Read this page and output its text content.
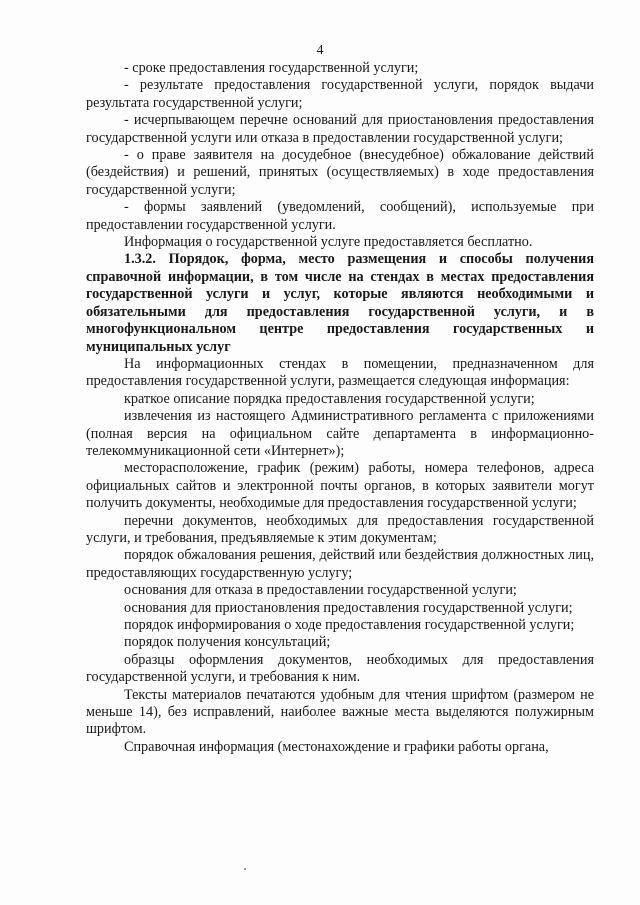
4

- сроке предоставления государственной услуги;

- результате предоставления государственной услуги, порядок выдачи результата государственной услуги;

- исчерпывающем перечне оснований для приостановления предоставления государственной услуги или отказа в предоставлении государственной услуги;

- о праве заявителя на досудебное (внесудебное) обжалование действий (бездействия) и решений, принятых (осуществляемых) в ходе предоставления государственной услуги;

- формы заявлений (уведомлений, сообщений), используемые при предоставлении государственной услуги.

Информация о государственной услуге предоставляется бесплатно.

1.3.2. Порядок, форма, место размещения и способы получения справочной информации, в том числе на стендах в местах предоставления государственной услуги и услуг, которые являются необходимыми и обязательными для предоставления государственной услуги, и в многофункциональном центре предоставления государственных и муниципальных услуг

На информационных стендах в помещении, предназначенном для предоставления государственной услуги, размещается следующая информация:

краткое описание порядка предоставления государственной услуги;

извлечения из настоящего Административного регламента с приложениями (полная версия на официальном сайте департамента в информационно-телекоммуникационной сети «Интернет»);

месторасположение, график (режим) работы, номера телефонов, адреса официальных сайтов и электронной почты органов, в которых заявители могут получить документы, необходимые для предоставления государственной услуги;

перечни документов, необходимых для предоставления государственной услуги, и требования, предъявляемые к этим документам;

порядок обжалования решения, действий или бездействия должностных лиц, предоставляющих государственную услугу;

основания для отказа в предоставлении государственной услуги;

основания для приостановления предоставления государственной услуги;

порядок информирования о ходе предоставления государственной услуги;

порядок получения консультаций;

образцы оформления документов, необходимых для предоставления государственной услуги, и требования к ним.

Тексты материалов печатаются удобным для чтения шрифтом (размером не меньше 14), без исправлений, наиболее важные места выделяются полужирным шрифтом.

Справочная информация (местонахождение и графики работы органа,
